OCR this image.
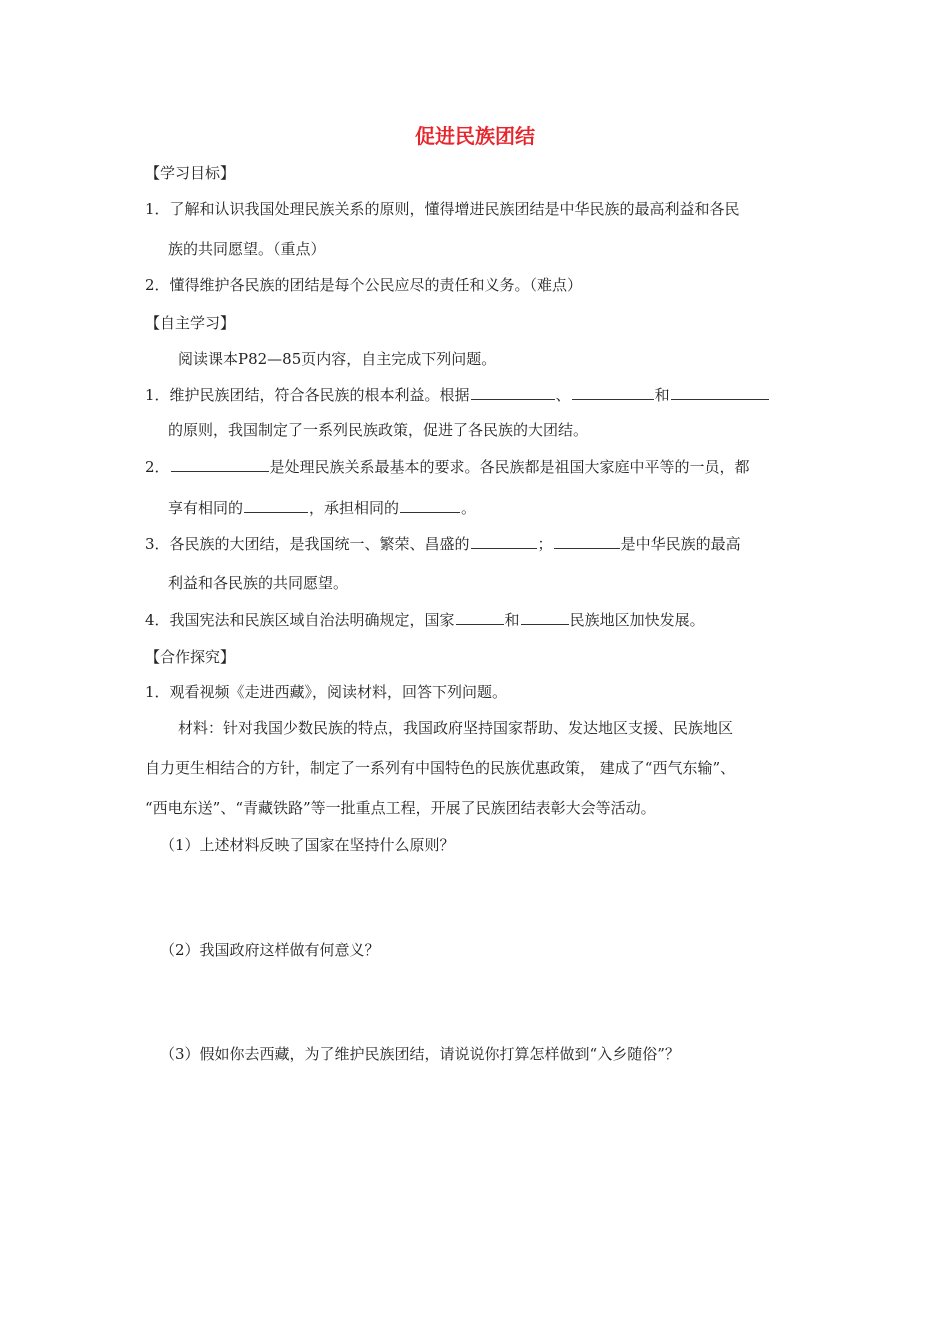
促进民族团结
【学习目标】
1．了解和认识我国处理民族关系的原则，懂得增进民族团结是中华民族的最高利益和各民
族的共同愿望。（重点）
2．懂得维护各民族的团结是每个公民应尽的责任和义务。（难点）
【自主学习】
阅读课本P82—85页内容，自主完成下列问题。
1．维护民族团结，符合各民族的根本利益。根据	、	和
的原则，我国制定了一系列民族政策，促进了各民族的大团结。
2．	是处理民族关系最基本的要求。各民族都是祖国大家庭中平等的一员，都
享有相同的	，承担相同的	。
3．各民族的大团结，是我国统一、繁荣、昌盛的	；	是中华民族的最高
利益和各民族的共同愿望。
4．我国宪法和民族区域自治法明确规定，国家	和	民族地区加快发展。
【合作探究】
1．观看视频《走进西藏》，阅读材料，回答下列问题。
材料：针对我国少数民族的特点，我国政府坚持国家帮助、发达地区支援、民族地区
自力更生相结合的方针，制定了一系列有中国特色的民族优惠政策， 建成了“西气东输”、
“西电东送”、“青藏铁路”等一批重点工程，开展了民族团结表彰大会等活动。
（1）上述材料反映了国家在坚持什么原则？
（2）我国政府这样做有何意义？
（3）假如你去西藏，为了维护民族团结，请说说你打算怎样做到“入乡随俗”？
